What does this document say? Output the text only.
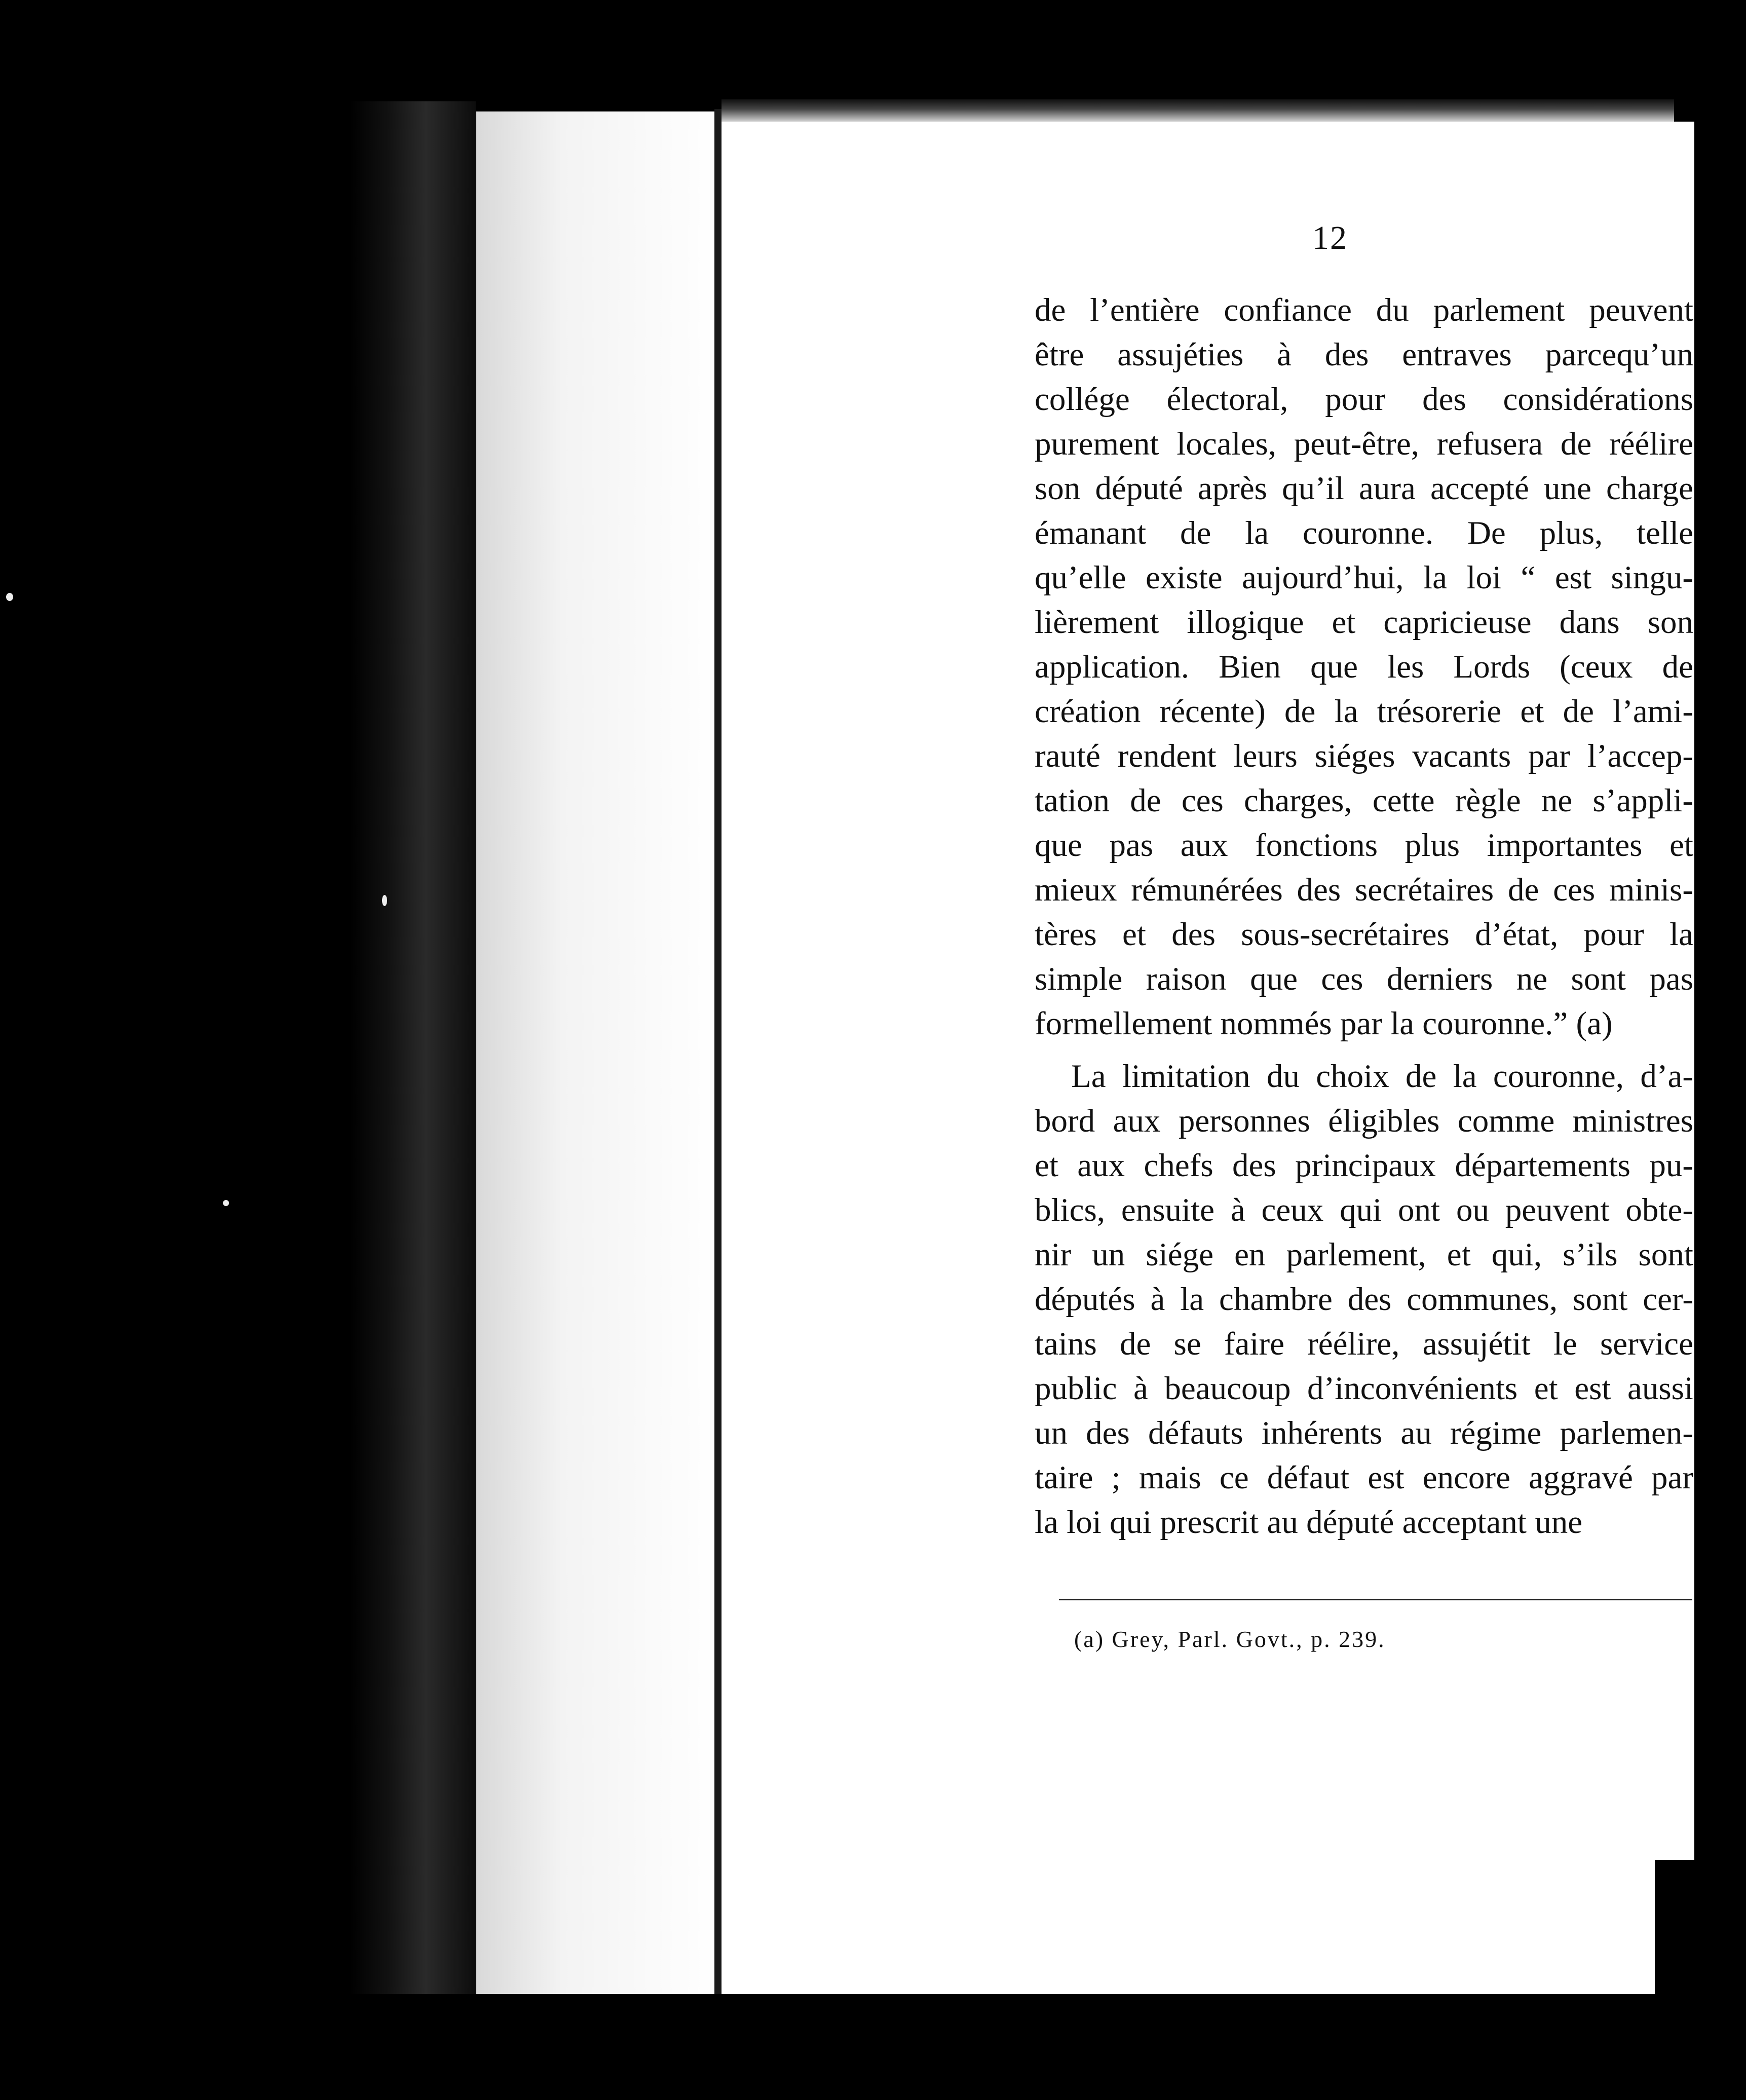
12
de l’entière confiance du parlement peuvent
être assujéties à des entraves parcequ’un
collége électoral, pour des considérations
purement locales, peut-être, refusera de réélire
son député après qu’il aura accepté une charge
émanant de la couronne. De plus, telle
qu’elle existe aujourd’hui, la loi “ est singu-
lièrement illogique et capricieuse dans son
application. Bien que les Lords (ceux de
création récente) de la trésorerie et de l’ami-
rauté rendent leurs siéges vacants par l’accep-
tation de ces charges, cette règle ne s’appli-
que pas aux fonctions plus importantes et
mieux rémunérées des secrétaires de ces minis-
tères et des sous-secrétaires d’état, pour la
simple raison que ces derniers ne sont pas
formellement nommés par la couronne.” (a)
La limitation du choix de la couronne, d’a-
bord aux personnes éligibles comme ministres
et aux chefs des principaux départements pu-
blics, ensuite à ceux qui ont ou peuvent obte-
nir un siége en parlement, et qui, s’ils sont
députés à la chambre des communes, sont cer-
tains de se faire réélire, assujétit le service
public à beaucoup d’inconvénients et est aussi
un des défauts inhérents au régime parlemen-
taire ; mais ce défaut est encore aggravé par
la loi qui prescrit au député acceptant une
(a) Grey, Parl. Govt., p. 239.
